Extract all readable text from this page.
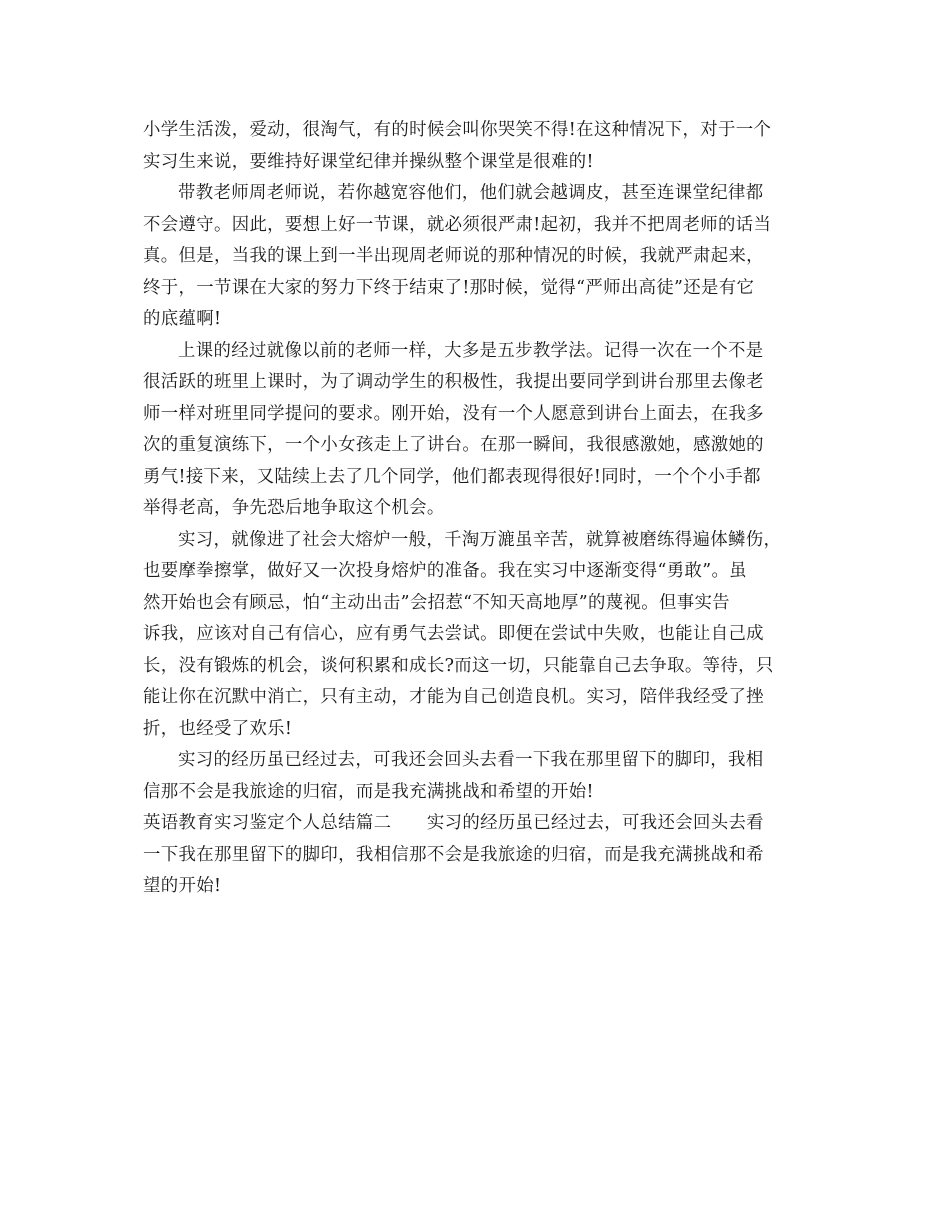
小学生活泼，爱动，很淘气，有的时候会叫你哭笑不得!在这种情况下，对于一个
实习生来说，要维持好课堂纪律并操纵整个课堂是很难的!
带教老师周老师说，若你越宽容他们，他们就会越调皮，甚至连课堂纪律都
不会遵守。因此，要想上好一节课，就必须很严肃!起初，我并不把周老师的话当
真。但是，当我的课上到一半出现周老师说的那种情况的时候，我就严肃起来，
终于，一节课在大家的努力下终于结束了!那时候，觉得“严师出高徒”还是有它
的底蕴啊!
上课的经过就像以前的老师一样，大多是五步教学法。记得一次在一个不是
很活跃的班里上课时，为了调动学生的积极性，我提出要同学到讲台那里去像老
师一样对班里同学提问的要求。刚开始，没有一个人愿意到讲台上面去，在我多
次的重复演练下，一个小女孩走上了讲台。在那一瞬间，我很感激她，感激她的
勇气!接下来，又陆续上去了几个同学，他们都表现得很好!同时，一个个小手都
举得老高，争先恐后地争取这个机会。
实习，就像进了社会大熔炉一般，千淘万漉虽辛苦，就算被磨练得遍体鳞伤，
也要摩拳擦掌，做好又一次投身熔炉的准备。我在实习中逐渐变得“勇敢”。虽
然开始也会有顾忌，怕“主动出击”会招惹“不知天高地厚”的蔑视。但事实告
诉我，应该对自己有信心，应有勇气去尝试。即便在尝试中失败，也能让自己成
长，没有锻炼的机会，谈何积累和成长?而这一切，只能靠自己去争取。等待，只
能让你在沉默中消亡，只有主动，才能为自己创造良机。实习，陪伴我经受了挫
折，也经受了欢乐!
实习的经历虽已经过去，可我还会回头去看一下我在那里留下的脚印，我相
信那不会是我旅途的归宿，而是我充满挑战和希望的开始!
英语教育实习鉴定个人总结篇二　　实习的经历虽已经过去，可我还会回头去看
一下我在那里留下的脚印，我相信那不会是我旅途的归宿，而是我充满挑战和希
望的开始!
